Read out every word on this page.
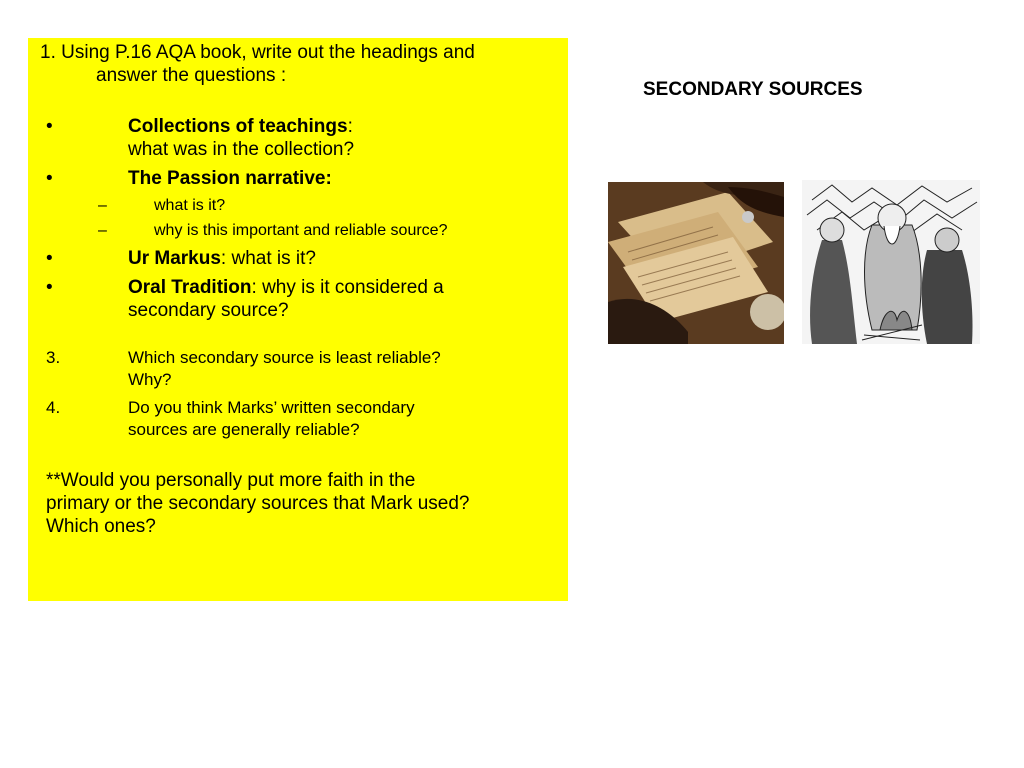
1. Using P.16 AQA book, write out the headings and
answer the questions :
•	Collections of teachings:
what was in the collection?
•	The Passion narrative:
–	what is it?
–	why is this important and reliable source?
•	Ur Markus: what is it?
•	Oral Tradition: why is it considered a
secondary source?
3.	Which secondary source is least reliable?
Why?
4.	Do you think Marks’ written secondary
sources are generally reliable?
**Would you personally put more faith in the
primary or the secondary sources that Mark used?
Which ones?
SECONDARY SOURCES
